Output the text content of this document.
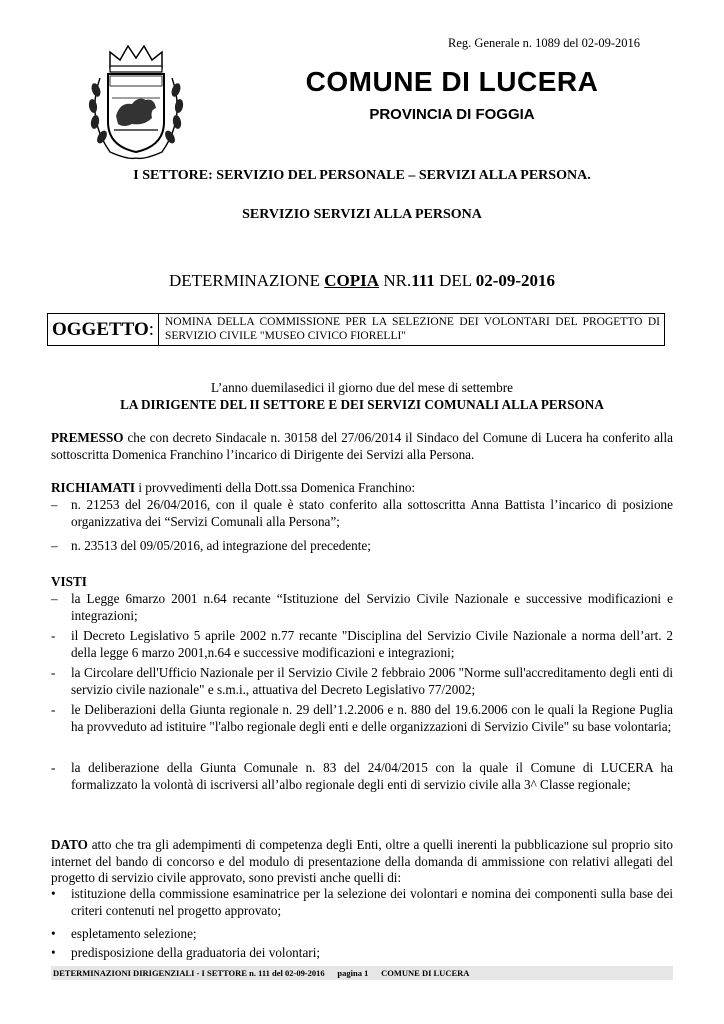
Reg. Generale n. 1089 del 02-09-2016
COMUNE DI LUCERA
PROVINCIA DI FOGGIA
I SETTORE: SERVIZIO DEL PERSONALE – SERVIZI ALLA PERSONA.
SERVIZIO SERVIZI ALLA PERSONA
DETERMINAZIONE COPIA NR.111 DEL 02-09-2016
OGGETTO : NOMINA DELLA COMMISSIONE PER LA SELEZIONE DEI VOLONTARI DEL PROGETTO DI SERVIZIO CIVILE "MUSEO CIVICO FIORELLI"
L’anno duemilasedici il giorno due del mese di settembre
LA DIRIGENTE DEL II SETTORE E DEI SERVIZI COMUNALI ALLA PERSONA
PREMESSO che con decreto Sindacale n. 30158 del 27/06/2014 il Sindaco del Comune di Lucera ha conferito alla sottoscritta Domenica Franchino l’incarico di Dirigente dei Servizi alla Persona.
RICHIAMATI i provvedimenti della Dott.ssa Domenica Franchino:
–	n. 21253 del 26/04/2016, con il quale è stato conferito alla sottoscritta Anna Battista l’incarico di posizione organizzativa dei “Servizi Comunali alla Persona”;
–	n. 23513 del 09/05/2016, ad integrazione del precedente;
VISTI
–	la Legge 6marzo 2001 n.64 recante “Istituzione del Servizio Civile Nazionale e successive modificazioni e integrazioni;
-	il Decreto Legislativo 5 aprile 2002 n.77 recante "Disciplina del Servizio Civile Nazionale a norma dell’art. 2 della legge 6 marzo 2001,n.64 e successive modificazioni e integrazioni;
-	la Circolare dell'Ufficio Nazionale per il Servizio Civile 2 febbraio 2006 "Norme sull'accreditamento degli enti di servizio civile nazionale" e s.m.i., attuativa del Decreto Legislativo 77/2002;
-	le Deliberazioni della Giunta regionale n. 29 dell’1.2.2006 e n. 880 del 19.6.2006 con le quali la Regione Puglia ha provveduto ad istituire "l'albo regionale degli enti e delle organizzazioni di Servizio Civile" su base volontaria;
-	la deliberazione della Giunta Comunale n. 83 del 24/04/2015 con la quale il Comune di LUCERA ha formalizzato la volontà di iscriversi all’albo regionale degli enti di servizio civile alla 3^ Classe regionale;
DATO atto che tra gli adempimenti di competenza degli Enti, oltre a quelli inerenti la pubblicazione sul proprio sito internet del bando di concorso e del modulo di presentazione della domanda di ammissione con relativi allegati del progetto di servizio civile approvato, sono previsti anche quelli di:
•	istituzione della commissione esaminatrice per la selezione dei volontari e nomina dei componenti sulla base dei criteri contenuti nel progetto approvato;
•	espletamento selezione;
•	predisposizione della graduatoria dei volontari;
DETERMINAZIONI DIRIGENZIALI - I SETTORE n. 111 del 02-09-2016      pagina 1      COMUNE DI LUCERA
